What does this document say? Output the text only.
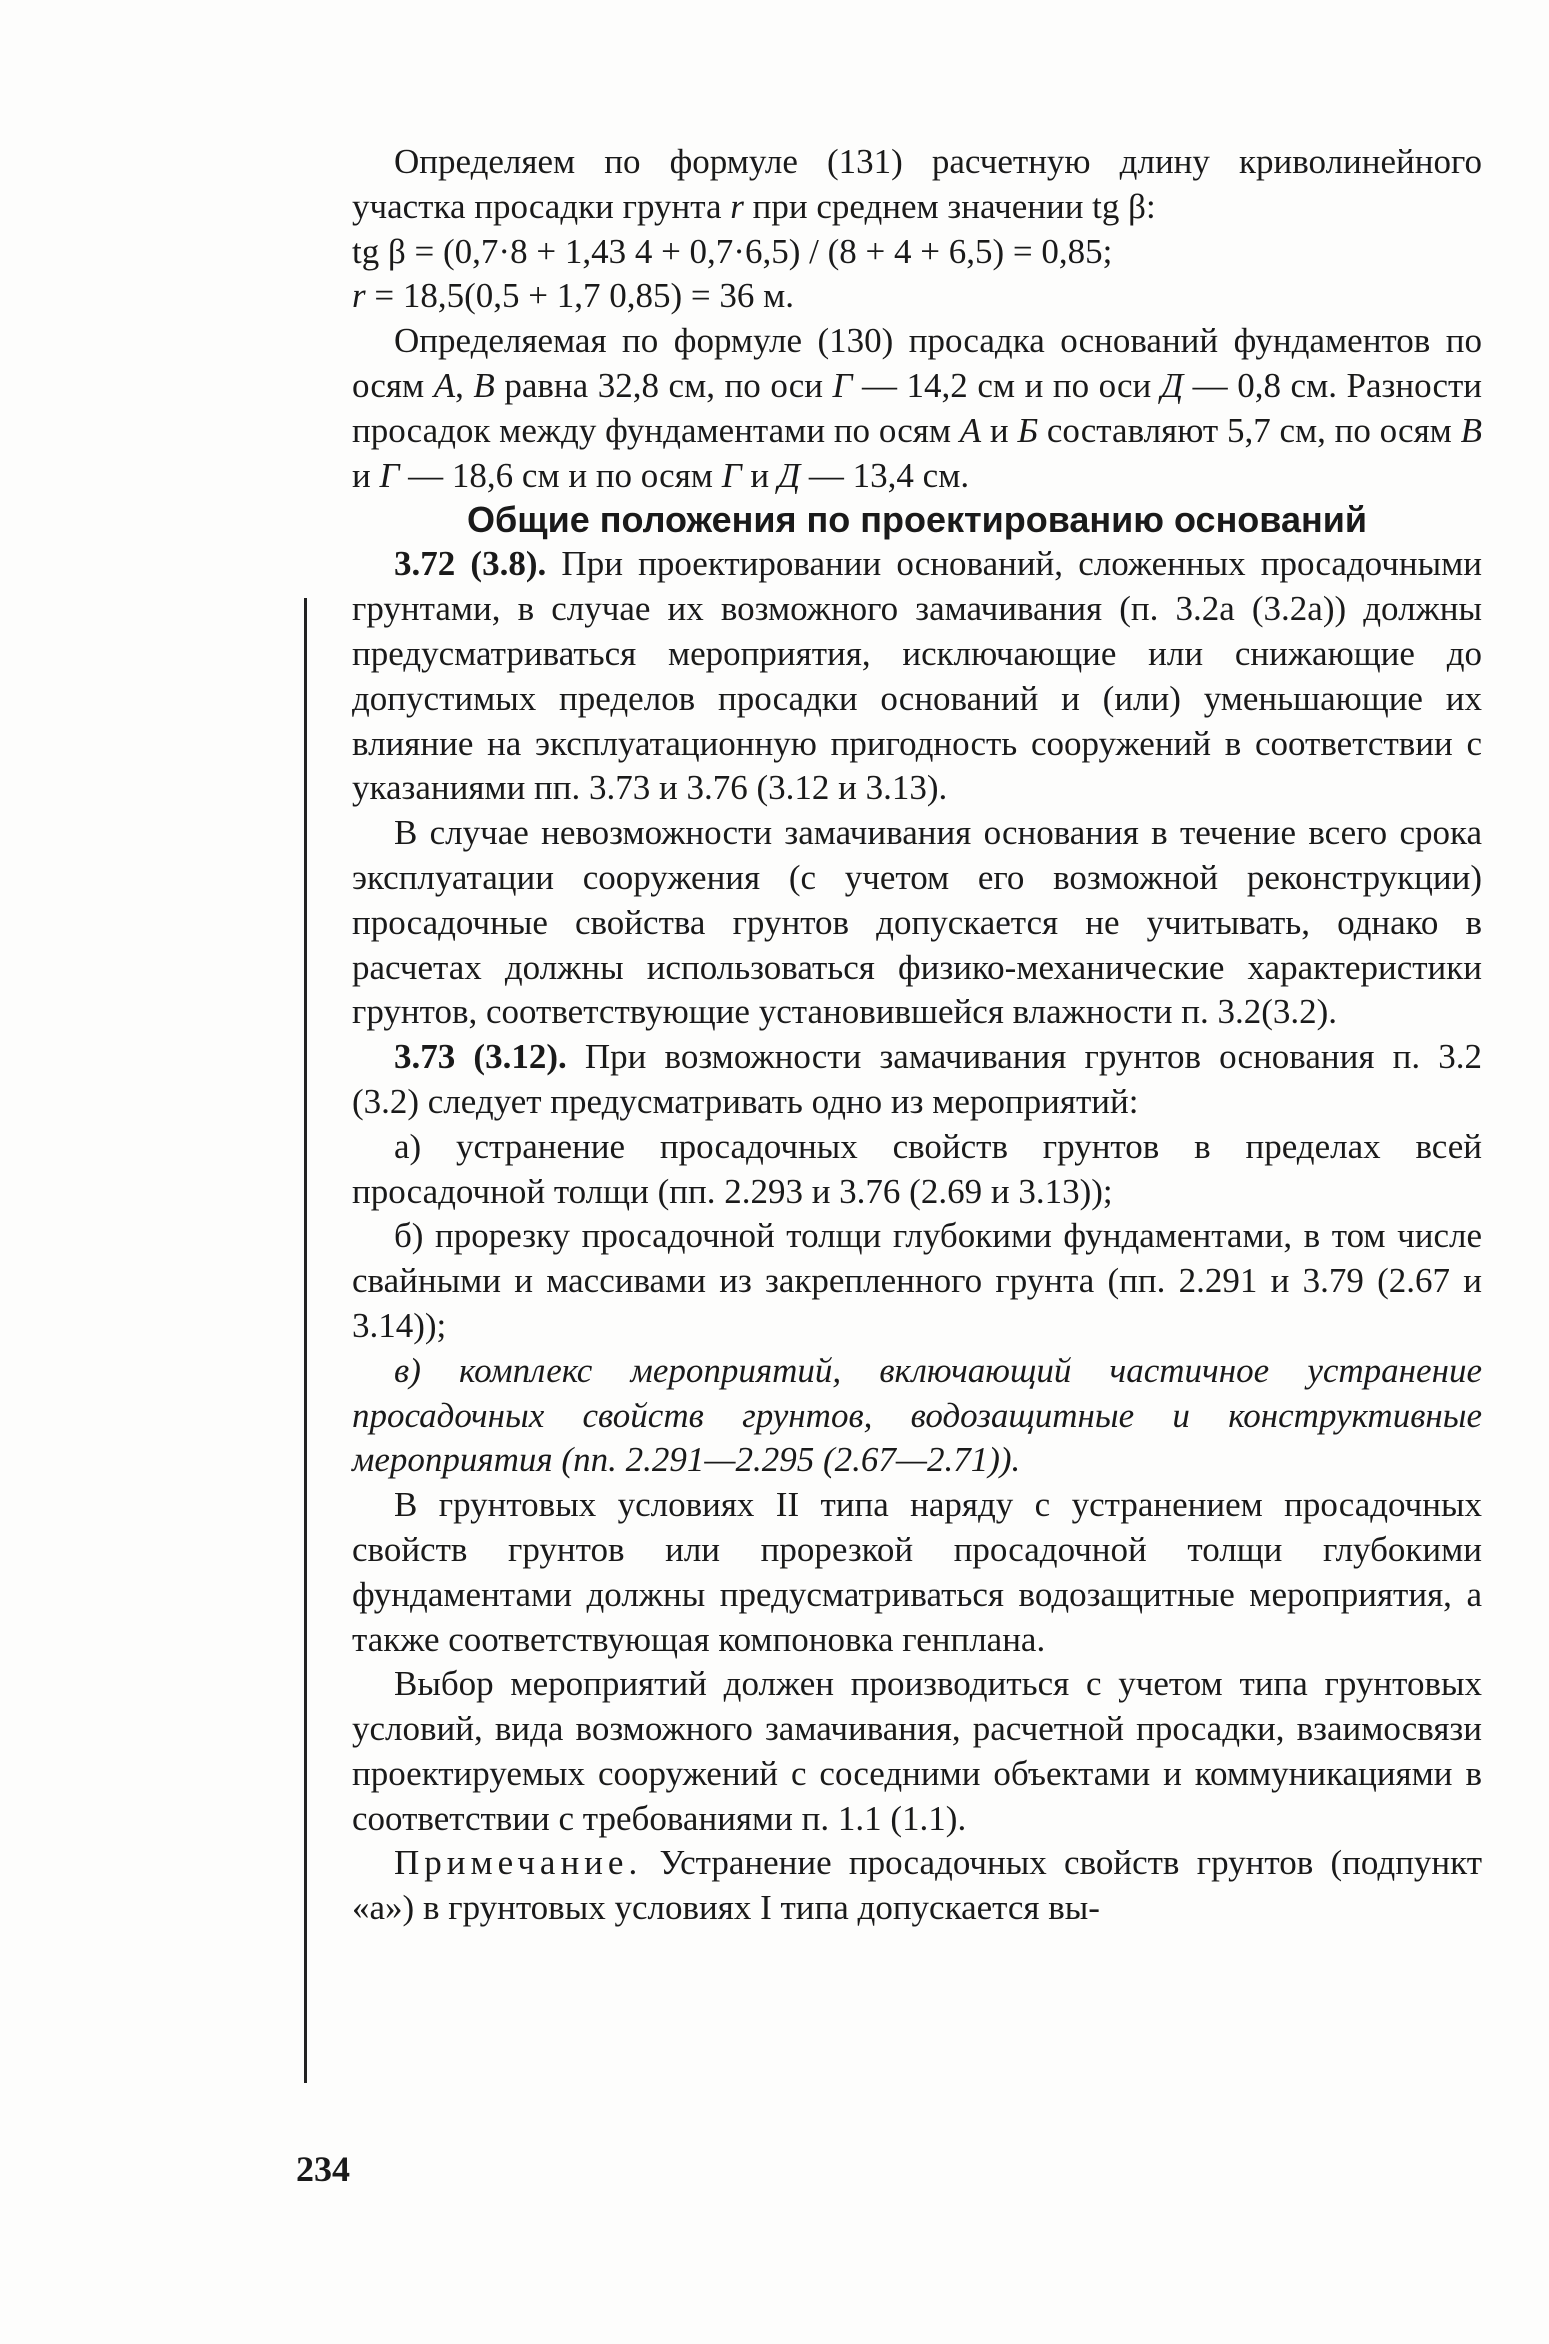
Определяем по формуле (131) расчетную длину криволинейного участка просадки грунта r при среднем значении tg β:

tg β = (0,7·8 + 1,43 4 + 0,7·6,5) / (8 + 4 + 6,5) = 0,85;

r = 18,5(0,5 + 1,7 0,85) = 36 м.

Определяемая по формуле (130) просадка оснований фундаментов по осям А, В равна 32,8 см, по оси Г — 14,2 см и по оси Д — 0,8 см. Разности просадок между фундаментами по осям А и Б составляют 5,7 см, по осям В и Г — 18,6 см и по осям Г и Д — 13,4 см.

Общие положения по проектированию оснований

3.72 (3.8). При проектировании оснований, сложенных просадочными грунтами, в случае их возможного замачивания (п. 3.2а (3.2а)) должны предусматриваться мероприятия, исключающие или снижающие до допустимых пределов просадки оснований и (или) уменьшающие их влияние на эксплуатационную пригодность сооружений в соответствии с указаниями пп. 3.73 и 3.76 (3.12 и 3.13).

В случае невозможности замачивания основания в течение всего срока эксплуатации сооружения (с учетом его возможной реконструкции) просадочные свойства грунтов допускается не учитывать, однако в расчетах должны использоваться физико-механические характеристики грунтов, соответствующие установившейся влажности п. 3.2(3.2).

3.73 (3.12). При возможности замачивания грунтов основания п. 3.2 (3.2) следует предусматривать одно из мероприятий:

а) устранение просадочных свойств грунтов в пределах всей просадочной толщи (пп. 2.293 и 3.76 (2.69 и 3.13));

б) прорезку просадочной толщи глубокими фундаментами, в том числе свайными и массивами из закрепленного грунта (пп. 2.291 и 3.79 (2.67 и 3.14));

в) комплекс мероприятий, включающий частичное устранение просадочных свойств грунтов, водозащитные и конструктивные мероприятия (пп. 2.291—2.295 (2.67—2.71)).

В грунтовых условиях II типа наряду с устранением просадочных свойств грунтов или прорезкой просадочной толщи глубокими фундаментами должны предусматриваться водозащитные мероприятия, а также соответствующая компоновка генплана.

Выбор мероприятий должен производиться с учетом типа грунтовых условий, вида возможного замачивания, расчетной просадки, взаимосвязи проектируемых сооружений с соседними объектами и коммуникациями в соответствии с требованиями п. 1.1 (1.1).

Примечание. Устранение просадочных свойств грунтов (подпункт «а») в грунтовых условиях I типа допускается вы-

234
